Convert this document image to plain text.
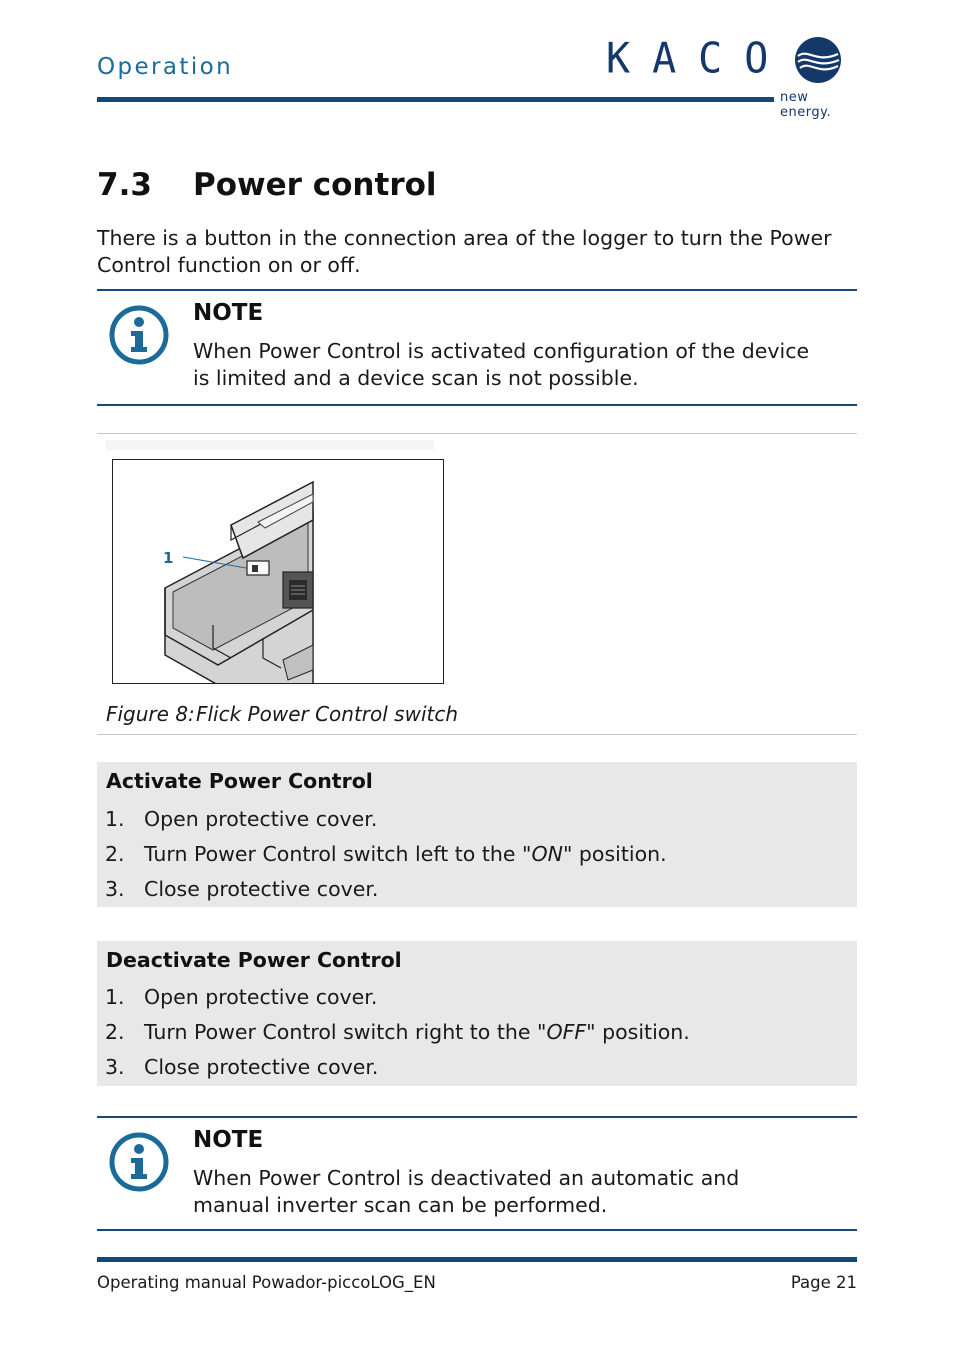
Operation	KACO
new energy.
7.3 Power control

There is a button in the connection area of the logger to turn the Power Control function on or off.

NOTE
When Power Control is activated configuration of the device is limited and a device scan is not possible.
1
Figure 8:Flick Power Control switch
Activate Power Control
1. Open protective cover.
2. Turn Power Control switch left to the "ON" position.
3. Close protective cover.
Deactivate Power Control
1. Open protective cover.
2. Turn Power Control switch right to the "OFF" position.
3. Close protective cover.
NOTE
When Power Control is deactivated an automatic and manual inverter scan can be performed.
Operating manual Powador-piccoLOG_EN	Page 21
